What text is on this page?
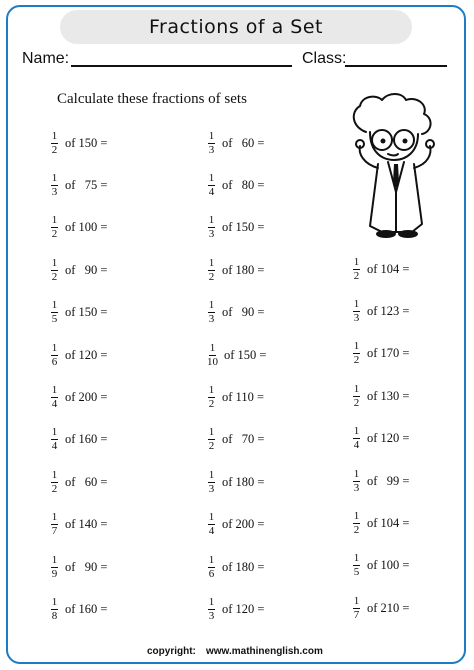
Fractions of a Set
Name:	Class:
Calculate these fractions of sets
$\frac{1}{2}$ of 150 =
$\frac{1}{3}$ of   75 =
$\frac{1}{2}$ of 100 =
$\frac{1}{2}$ of   90 =
$\frac{1}{5}$ of 150 =
$\frac{1}{6}$ of 120 =
$\frac{1}{4}$ of 200 =
$\frac{1}{4}$ of 160 =
$\frac{1}{2}$ of   60 =
$\frac{1}{7}$ of 140 =
$\frac{1}{9}$ of   90 =
$\frac{1}{8}$ of 160 =
$\frac{1}{3}$ of   60 =
$\frac{1}{4}$ of   80 =
$\frac{1}{3}$ of 150 =
$\frac{1}{2}$ of 180 =
$\frac{1}{3}$ of   90 =
$\frac{1}{10}$ of 150 =
$\frac{1}{2}$ of 110 =
$\frac{1}{2}$ of   70 =
$\frac{1}{3}$ of 180 =
$\frac{1}{4}$ of 200 =
$\frac{1}{6}$ of 180 =
$\frac{1}{3}$ of 120 =
$\frac{1}{2}$ of 104 =
$\frac{1}{3}$ of 123 =
$\frac{1}{2}$ of 170 =
$\frac{1}{2}$ of 130 =
$\frac{1}{4}$ of 120 =
$\frac{1}{3}$ of   99 =
$\frac{1}{2}$ of 104 =
$\frac{1}{5}$ of 100 =
$\frac{1}{7}$ of 210 =
copyright: www.mathinenglish.com
